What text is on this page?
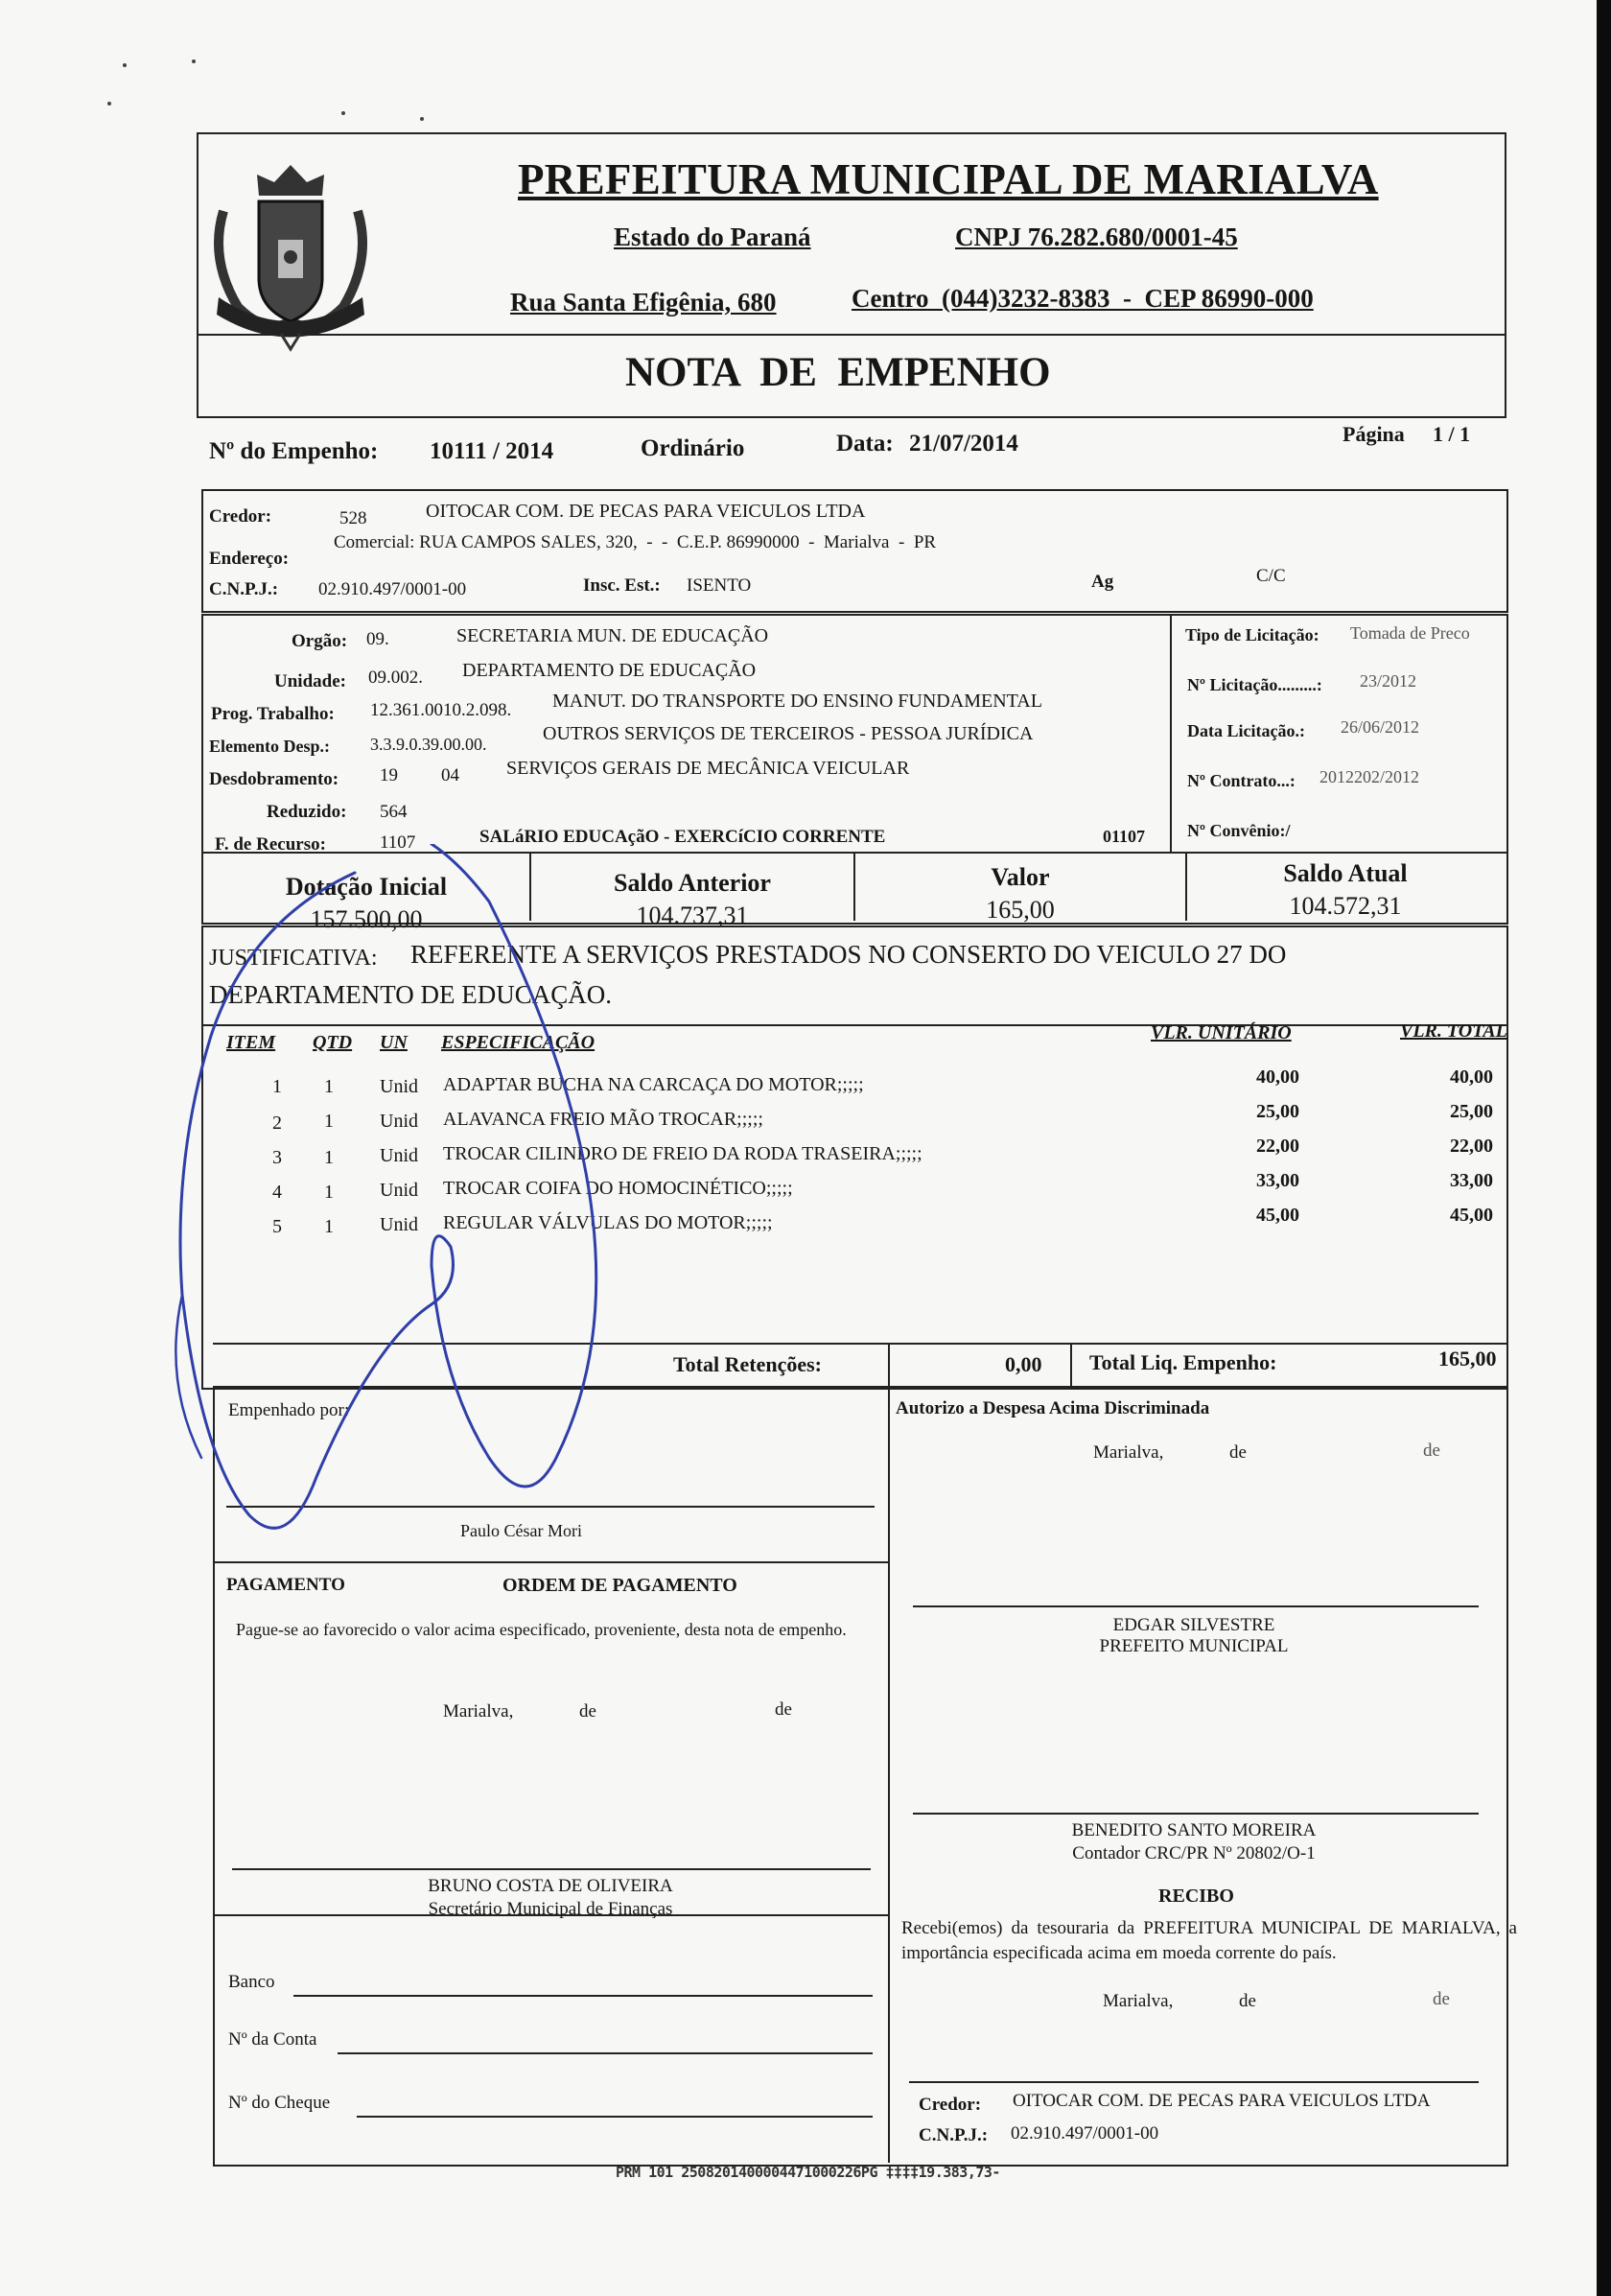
PREFEITURA MUNICIPAL DE MARIALVA
Estado do Paraná	CNPJ 76.282.680/0001-45
Rua Santa Efigênia, 680	Centro  (044)3232-8383  -  CEP 86990-000
NOTA  DE  EMPENHO
Nº do Empenho: 10111 / 2014	Ordinário	Data: 21/07/2014	Página 1 / 1
Credor:	528	OITOCAR COM. DE PECAS PARA VEICULOS LTDA
Endereço:
Comercial: RUA CAMPOS SALES, 320,  -  -  C.E.P. 86990000  -  Marialva  -  PR
C.N.P.J.: 02.910.497/0001-00	Insc. Est.: ISENTO	Ag	C/C
Orgão: 09.	SECRETARIA MUN. DE EDUCAÇÃO
Unidade: 09.002. DEPARTAMENTO DE EDUCAÇÃO
Prog. Trabalho: 12.361.0010.2.098. MANUT. DO TRANSPORTE DO ENSINO FUNDAMENTAL
Elemento Desp.: 3.3.9.0.39.00.00.	OUTROS SERVIÇOS DE TERCEIROS - PESSOA JURÍDICA
Desdobramento: 19 04 SERVIÇOS GERAIS DE MECÂNICA VEICULAR
Reduzido: 564
F. de Recurso:	1107	SALáRIO EDUCAçãO - EXERCíCIO CORRENTE	01107
Tipo de Licitação: Tomada de Preco
Nº Licitação.........: 23/2012
Data Licitação.: 26/06/2012
Nº Contrato...: 2012202/2012
Nº Convênio:/
Dotação Inicial
157.500,00
Saldo Anterior
104.737,31
Valor
165,00
Saldo Atual
104.572,31
JUSTIFICATIVA: REFERENTE A SERVIÇOS PRESTADOS NO CONSERTO DO VEICULO 27 DO
DEPARTAMENTO DE EDUCAÇÃO.
ITEM QTD UN ESPECIFICAÇÃO	VLR. UNITÁRIO	VLR. TOTAL
1 1 Unid ADAPTAR BUCHA NA CARCAÇA DO MOTOR;;;;;	40,00	40,00
2 1 Unid ALAVANCA FREIO MÃO TROCAR;;;;;	25,00	25,00
3 1 Unid TROCAR CILINDRO DE FREIO DA RODA TRASEIRA;;;;;	22,00	22,00
4 1 Unid TROCAR COIFA DO HOMOCINÉTICO;;;;;	33,00	33,00
5 1 Unid REGULAR VÁLVULAS DO MOTOR;;;;;	45,00	45,00
Total Retenções:	0,00 Total Liq. Empenho:	165,00
Empenhado por:
Paulo César Mori
Autorizo a Despesa Acima Discriminada
Marialva,	de	de
EDGAR SILVESTRE
PREFEITO MUNICIPAL
BENEDITO SANTO MOREIRA
Contador CRC/PR Nº 20802/O-1
PAGAMENTO	ORDEM DE PAGAMENTO
Pague-se ao favorecido o valor acima especificado, proveniente, desta nota de empenho.
Marialva,	de	de
BRUNO COSTA DE OLIVEIRA
Secretário Municipal de Finanças
Banco
Nº da Conta
Nº do Cheque
RECIBO
Recebi(emos) da tesouraria da PREFEITURA MUNICIPAL DE MARIALVA, a importância especificada acima em moeda corrente do país.
Marialva,	de	de
Credor: OITOCAR COM. DE PECAS PARA VEICULOS LTDA
C.N.P.J.: 02.910.497/0001-00
PRM 101 2508201400004471000226PG ‡‡‡‡19.383,73-
